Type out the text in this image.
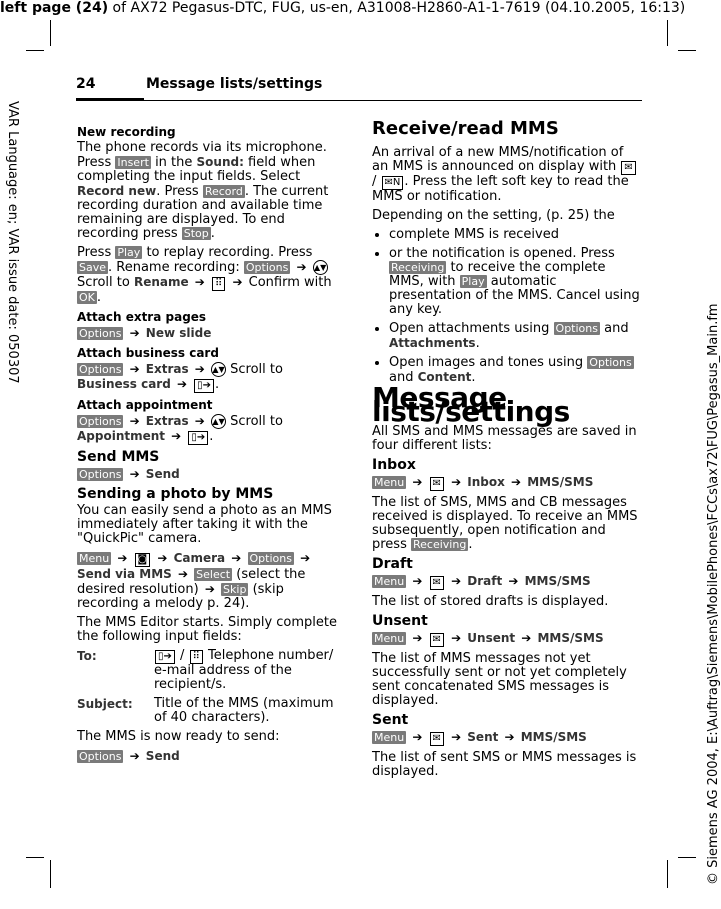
left page (24) of AX72 Pegasus-DTC, FUG, us-en, A31008-H2860-A1-1-7619 (04.10.2005, 16:13)
VAR Language: en; VAR issue date: 050307
© Siemens AG 2004, E:\Auftrag\Siemens\MobilePhones\FCCs\ax72\FUG\Pegasus_Main.fm
24	Message lists/settings
New recording
The phone records via its microphone. Press Insert in the Sound: field when completing the input fields. Select Record new. Press Record . The current recording duration and available time remaining are displayed. To end recording press Stop .
Press Play to replay recording. Press Save . Rename recording: Options ➔ ▲▼ Scroll to Rename ➔ ⠿ ➔ Confirm with OK .
Attach extra pages
Options ➔ New slide
Attach business card
Options ➔ Extras ➔ ▲▼ Scroll to Business card ➔ ▯➔ .
Attach appointment
Options ➔ Extras ➔ ▲▼ Scroll to Appointment ➔ ▯➔ .
Send MMS
Options ➔ Send
Sending a photo by MMS
You can easily send a photo as an MMS immediately after taking it with the "QuickPic" camera.
Menu ➔ ◙ ➔ Camera ➔ Options ➔ Send via MMS ➔ Select (select the desired resolution) ➔ Skip (skip recording a melody p. 24).
The MMS Editor starts. Simply complete the following input fields:
To:	▯➔ / ⠿ Telephone number/ e-mail address of the recipient/s.
Subject:	Title of the MMS (maximum of 40 characters).
The MMS is now ready to send:
Options ➔ Send
Receive/read MMS
An arrival of a new MMS/notification of an MMS is announced on display with ✉ / ✉N . Press the left soft key to read the MMS or notification.
Depending on the setting, (p. 25) the
• complete MMS is received
• or the notification is opened. Press Receiving to receive the complete MMS, with Play automatic presentation of the MMS. Cancel using any key.
• Open attachments using Options and Attachments.
• Open images and tones using Options and Content.
Message lists/settings
All SMS and MMS messages are saved in four different lists:
Inbox
Menu ➔ ✉ ➔ Inbox ➔ MMS/SMS
The list of SMS, MMS and CB messages received is displayed. To receive an MMS subsequently, open notification and press Receiving .
Draft
Menu ➔ ✉ ➔ Draft ➔ MMS/SMS
The list of stored drafts is displayed.
Unsent
Menu ➔ ✉ ➔ Unsent ➔ MMS/SMS
The list of MMS messages not yet successfully sent or not yet completely sent concatenated SMS messages is displayed.
Sent
Menu ➔ ✉ ➔ Sent ➔ MMS/SMS
The list of sent SMS or MMS messages is displayed.
